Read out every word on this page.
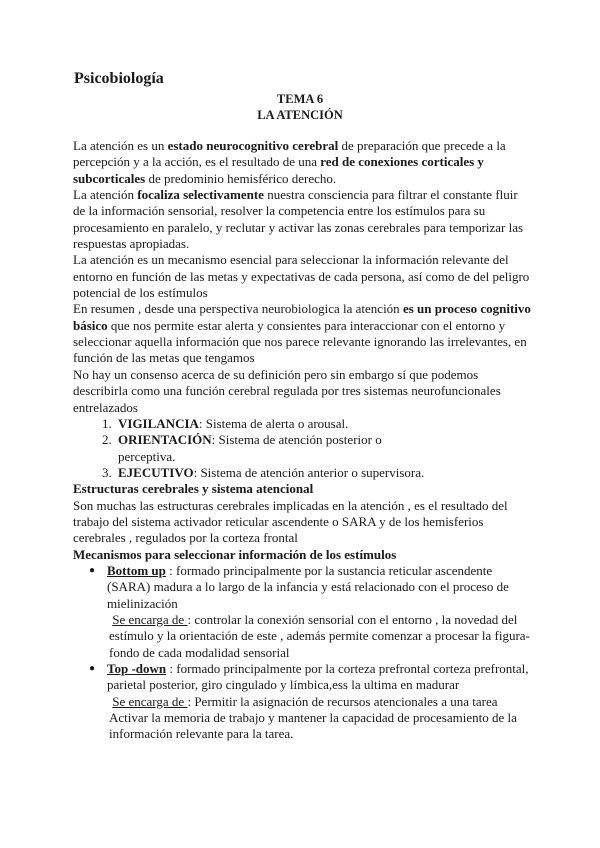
Psicobiología
TEMA 6
LA ATENCIÓN

La atención es un estado neurocognitivo cerebral de preparación que precede a la percepción y a la acción, es el resultado de una red de conexiones corticales y subcorticales de predominio hemisférico derecho.

La atención focaliza selectivamente nuestra consciencia para filtrar el constante fluir de la información sensorial, resolver la competencia entre los estímulos para su procesamiento en paralelo, y reclutar y activar las zonas cerebrales para temporizar las respuestas apropiadas.

La atención es un mecanismo esencial para seleccionar la información relevante del entorno en función de las metas y expectativas de cada persona, así como de del peligro potencial de los estímulos

En resumen , desde una perspectiva neurobiologica la atención es un proceso cognitivo básico que nos permite estar alerta y consientes para interaccionar con el entorno y seleccionar aquella información que nos parece relevante ignorando las irrelevantes, en función de las metas que tengamos

No hay un consenso acerca de su definición pero sin embargo sí que podemos describirla como una función cerebral regulada por tres sistemas neurofuncionales entrelazados

1. VIGILANCIA: Sistema de alerta o arousal.
2. ORIENTACIÓN: Sistema de atención posterior o perceptiva.
3. EJECUTIVO: Sistema de atención anterior o supervisora.

Estructuras cerebrales y sistema atencional

Son muchas las estructuras cerebrales implicadas en la atención , es el resultado del trabajo del sistema activador reticular ascendente o SARA y de los hemisferios cerebrales , regulados por la corteza frontal

Mecanismos para seleccionar información de los estímulos

● Bottom up : formado principalmente por la sustancia reticular ascendente (SARA) madura a lo largo de la infancia y está relacionado con el proceso de mielinización

Se encarga de : controlar la conexión sensorial con el entorno , la novedad del estímulo y la orientación de este , además permite comenzar a procesar la figura-fondo de cada modalidad sensorial

● Top -down : formado principalmente por la corteza prefrontal corteza prefrontal, parietal posterior, giro cingulado y límbica,ess la ultima en madurar

Se encarga de : Permitir la asignación de recursos atencionales a una tarea     Activar la memoria de trabajo y mantener la capacidad de procesamiento de la información relevante para la tarea.
